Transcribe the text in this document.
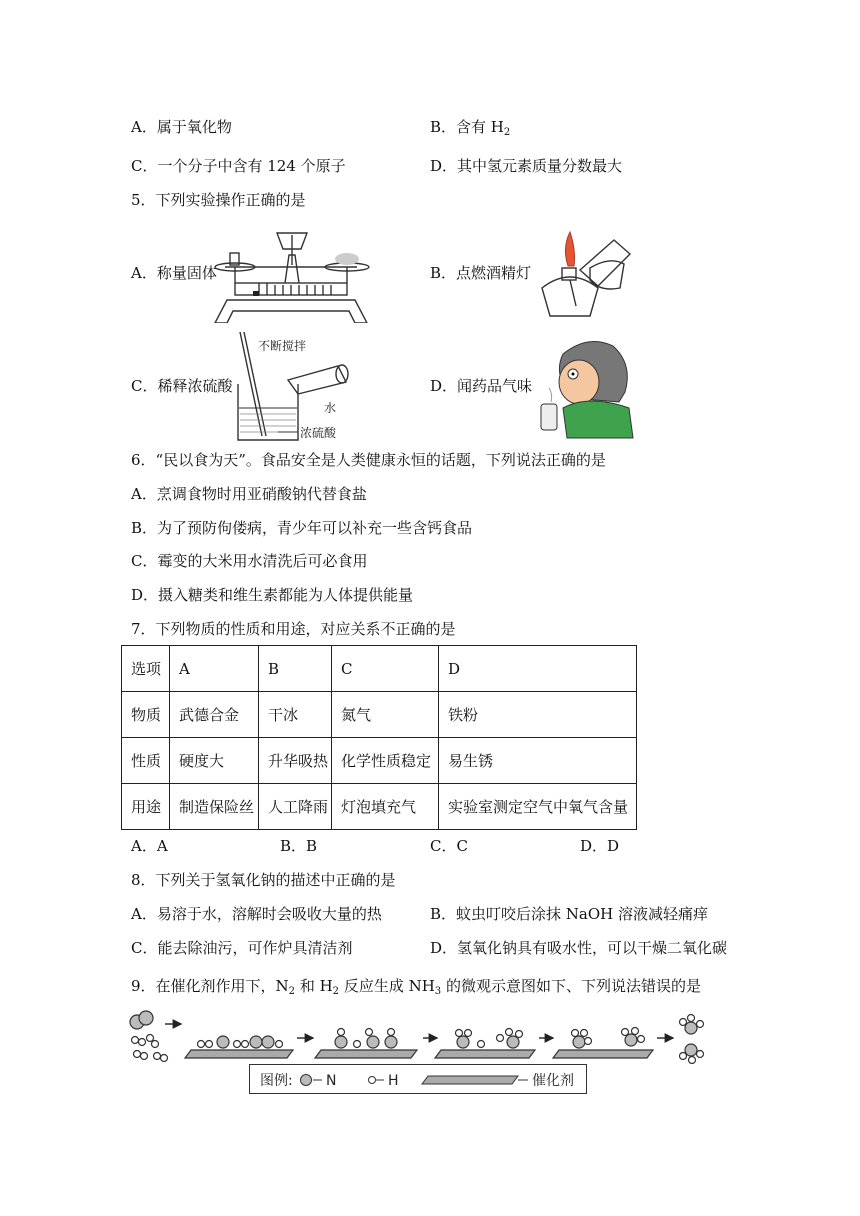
A．属于氧化物	B．含有 $H_2$
C．一个分子中含有 124 个原子	D．其中氢元素质量分数最大
5．下列实验操作正确的是
A．称量固体	B．点燃酒精灯
C．稀释浓硫酸	D．闻药品气味
不断搅拌
水
浓硫酸
6．“民以食为天”。食品安全是人类健康永恒的话题，下列说法正确的是
A．烹调食物时用亚硝酸钠代替食盐
B．为了预防佝偻病，青少年可以补充一些含钙食品
C．霉变的大米用水清洗后可必食用
D．摄入糖类和维生素都能为人体提供能量
7．下列物质的性质和用途，对应关系不正确的是
选项	A	B	C	D
物质	武德合金	干冰	氮气	铁粉
性质	硬度大	升华吸热	化学性质稳定	易生锈
用途	制造保险丝	人工降雨	灯泡填充气	实验室测定空气中氧气含量
A．A	B．B	C．C	D．D
8．下列关于氢氧化钠的描述中正确的是
A．易溶于水，溶解时会吸收大量的热	B．蚊虫叮咬后涂抹 NaOH 溶液减轻痛痒
C．能去除油污，可作炉具清洁剂	D．氢氧化钠具有吸水性，可以干燥二氧化碳
9．在催化剂作用下，$N_2$ 和 $H_2$ 反应生成 $NH_3$ 的微观示意图如下、下列说法错误的是
图例: N	H	催化剂
